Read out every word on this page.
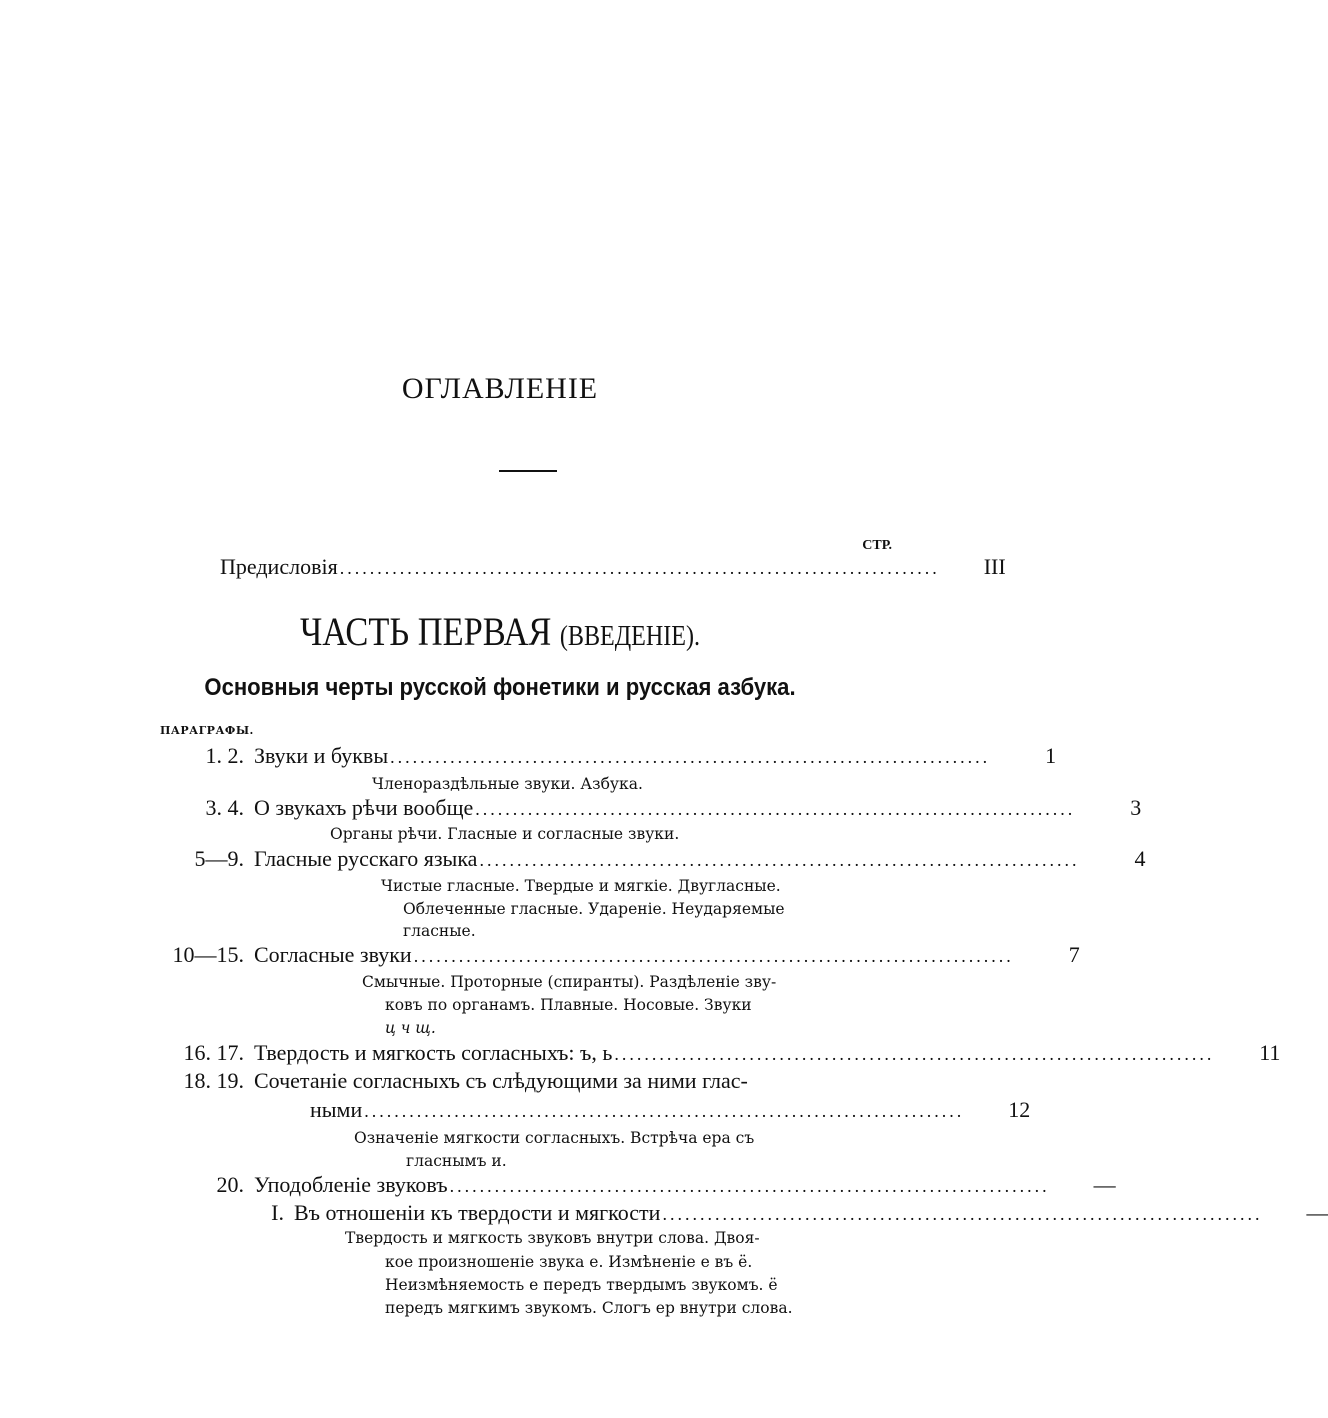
ОГЛАВЛЕНІЕ
СТР.
Предисловія ................................................................................	III
ЧАСТЬ ПЕРВАЯ (ВВЕДЕНІЕ).
Основныя черты русской фонетики и русская азбука.
ПАРАГРАФЫ.
1. 2. Звуки и буквы ................................................................................	1
Членораздѣльные звуки. Азбука.
3. 4. О звукахъ рѣчи вообще ................................................................................	3
Органы рѣчи. Гласные и согласные звуки.
5—9. Гласные русскаго языка ................................................................................	4
Чистые гласные. Твердые и мягкіе. Двугласные.
Облеченные гласные. Удареніе. Неударяемые
гласные.
10—15. Согласные звуки ................................................................................	7
Смычные. Проторные (спиранты). Раздѣленіе зву-
ковъ по органамъ. Плавные. Носовые. Звуки
ц ч щ.
16. 17. Твердость и мягкость согласныхъ: ъ, ь ................................................................................	11
18. 19. Сочетаніе согласныхъ съ слѣдующими за ними глас-
ными ................................................................................	12
Означеніе мягкости согласныхъ. Встрѣча ера съ
гласнымъ и.
20. Уподобленіе звуковъ ................................................................................	—
I. Въ отношеніи къ твердости и мягкости ................................................................................	—
Твердость и мягкость звуковъ внутри слова. Двоя-
кое произношеніе звука е. Измѣненіе е въ ё.
Неизмѣняемость е передъ твердымъ звукомъ. ё
передъ мягкимъ звукомъ. Слогъ ер внутри слова.
